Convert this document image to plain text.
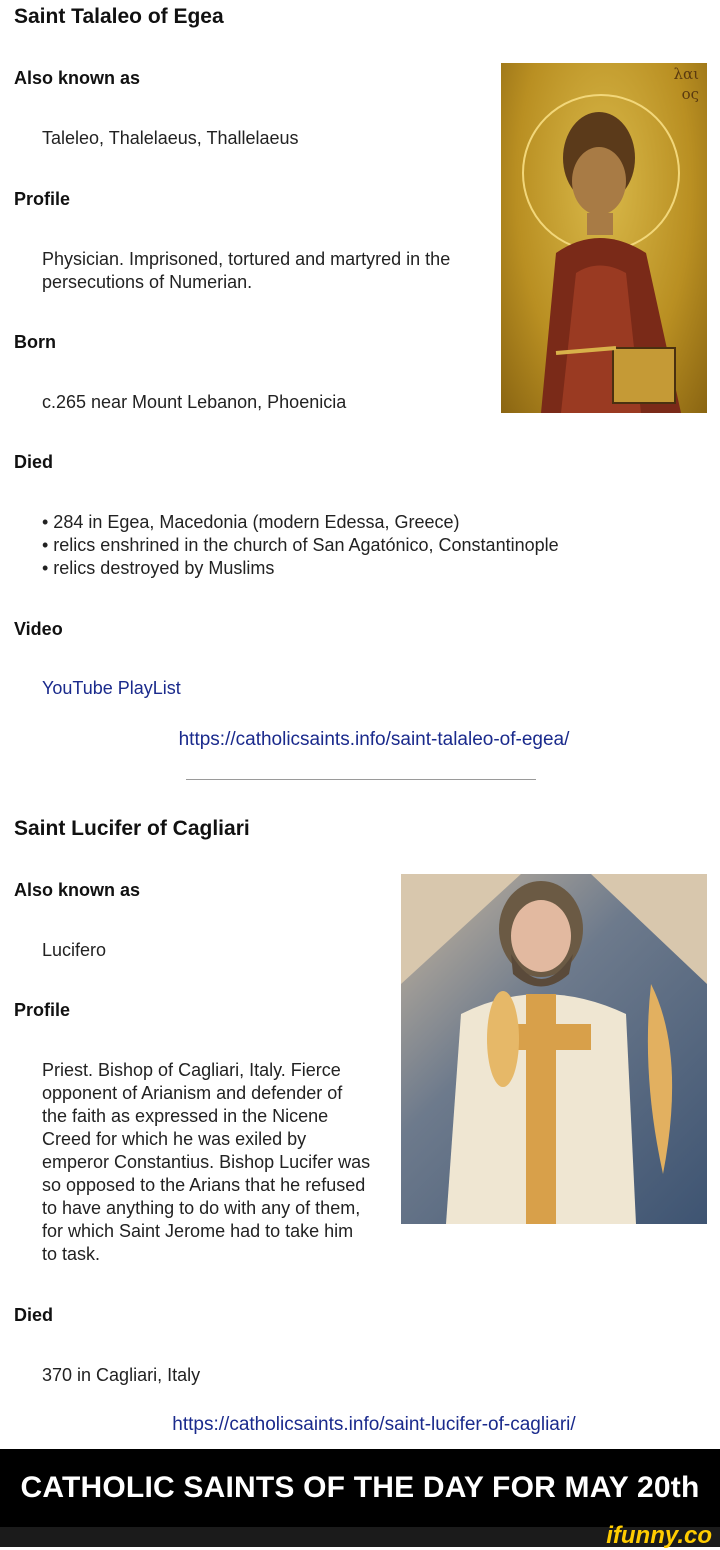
Saint Talaleo of Egea
Also known as
Taleleo, Thalelaeus, Thallelaeus
Profile
Physician. Imprisoned, tortured and martyred in the
persecutions of Numerian.
Born
c.265 near Mount Lebanon, Phoenicia
Died
• 284 in Egea, Macedonia (modern Edessa, Greece)
• relics enshrined in the church of San Agatónico, Constantinople
• relics destroyed by Muslims
Video
YouTube PlayList
https://catholicsaints.info/saint-talaleo-of-egea/
λαι
ος
Saint Lucifer of Cagliari
Also known as
Lucifero
Profile
Priest. Bishop of Cagliari, Italy. Fierce
opponent of Arianism and defender of
the faith as expressed in the Nicene
Creed for which he was exiled by
emperor Constantius. Bishop Lucifer was
so opposed to the Arians that he refused
to have anything to do with any of them,
for which Saint Jerome had to take him
to task.
Died
370 in Cagliari, Italy
https://catholicsaints.info/saint-lucifer-of-cagliari/
CATHOLIC SAINTS OF THE DAY FOR MAY 20th
ifunny.co
